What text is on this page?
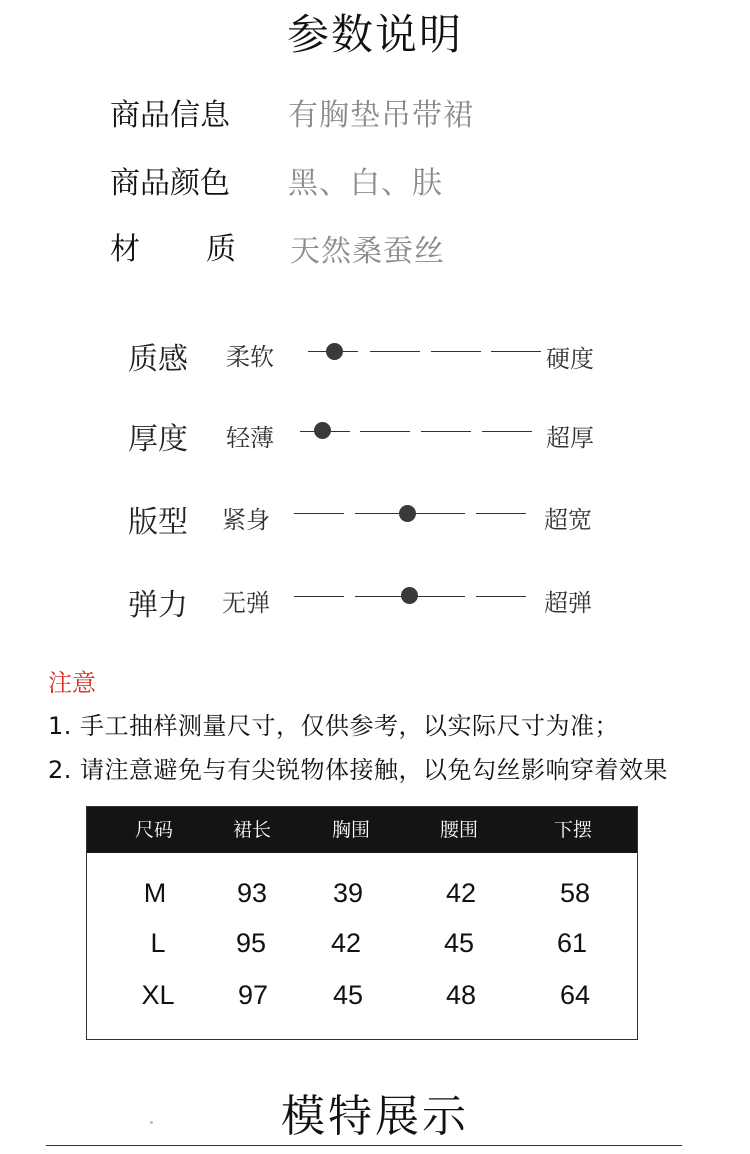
参数说明
商品信息 有胸垫吊带裙
商品颜色 黑、白、肤
材 质 天然桑蚕丝
质感 柔软	硬度
厚度 轻薄	超厚
版型 紧身	超宽
弹力 无弹	超弹
注意
1. 手工抽样测量尺寸，仅供参考，以实际尺寸为准；
2. 请注意避免与有尖锐物体接触，以免勾丝影响穿着效果
尺码	裙长	胸围	腰围	下摆
M	93	39	42	58
L	95	42	45	61
XL	97	45	48	64
模特展示
